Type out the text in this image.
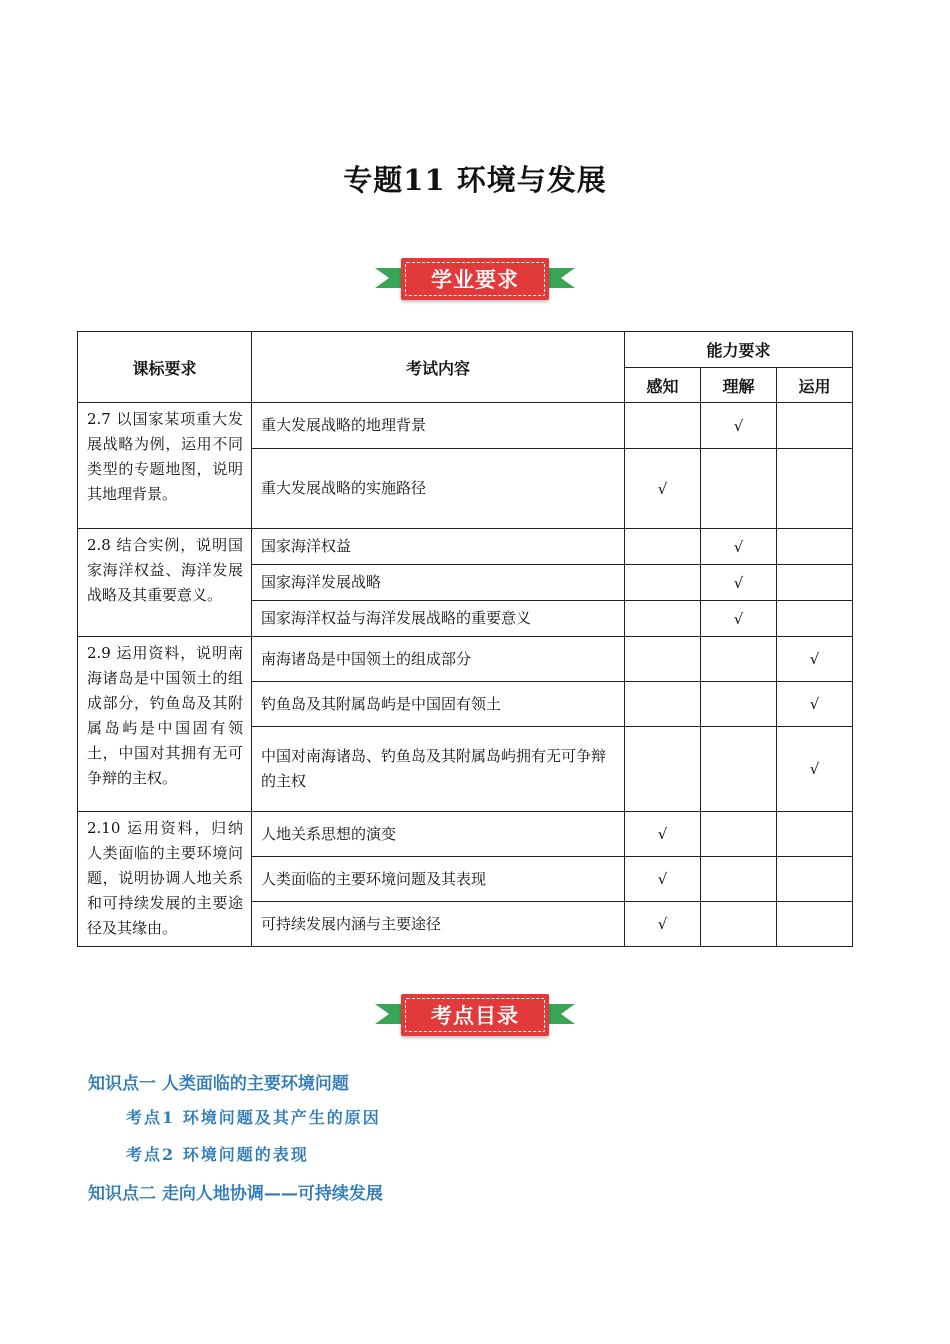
专题11 环境与发展
学业要求
课标要求	考试内容	能力要求		
		感知	理解	运用
2.7 以国家某项重大发展战略为例，运用不同类型的专题地图，说明其地理背景。	重大发展战略的地理背景		√	
	重大发展战略的实施路径	√		
2.8 结合实例，说明国家海洋权益、海洋发展战略及其重要意义。	国家海洋权益		√	
	国家海洋发展战略		√	
	国家海洋权益与海洋发展战略的重要意义		√	
2.9 运用资料，说明南海诸岛是中国领土的组成部分，钓鱼岛及其附属岛屿是中国固有领土，中国对其拥有无可争辩的主权。	南海诸岛是中国领土的组成部分			√
	钓鱼岛及其附属岛屿是中国固有领土			√
	中国对南海诸岛、钓鱼岛及其附属岛屿拥有无可争辩的主权			√
2.10 运用资料，归纳人类面临的主要环境问题，说明协调人地关系和可持续发展的主要途径及其缘由。	人地关系思想的演变	√		
	人类面临的主要环境问题及其表现	√		
	可持续发展内涵与主要途径	√		
考点目录
知识点一 人类面临的主要环境问题
考点1 环境问题及其产生的原因
考点2 环境问题的表现
知识点二 走向人地协调——可持续发展
